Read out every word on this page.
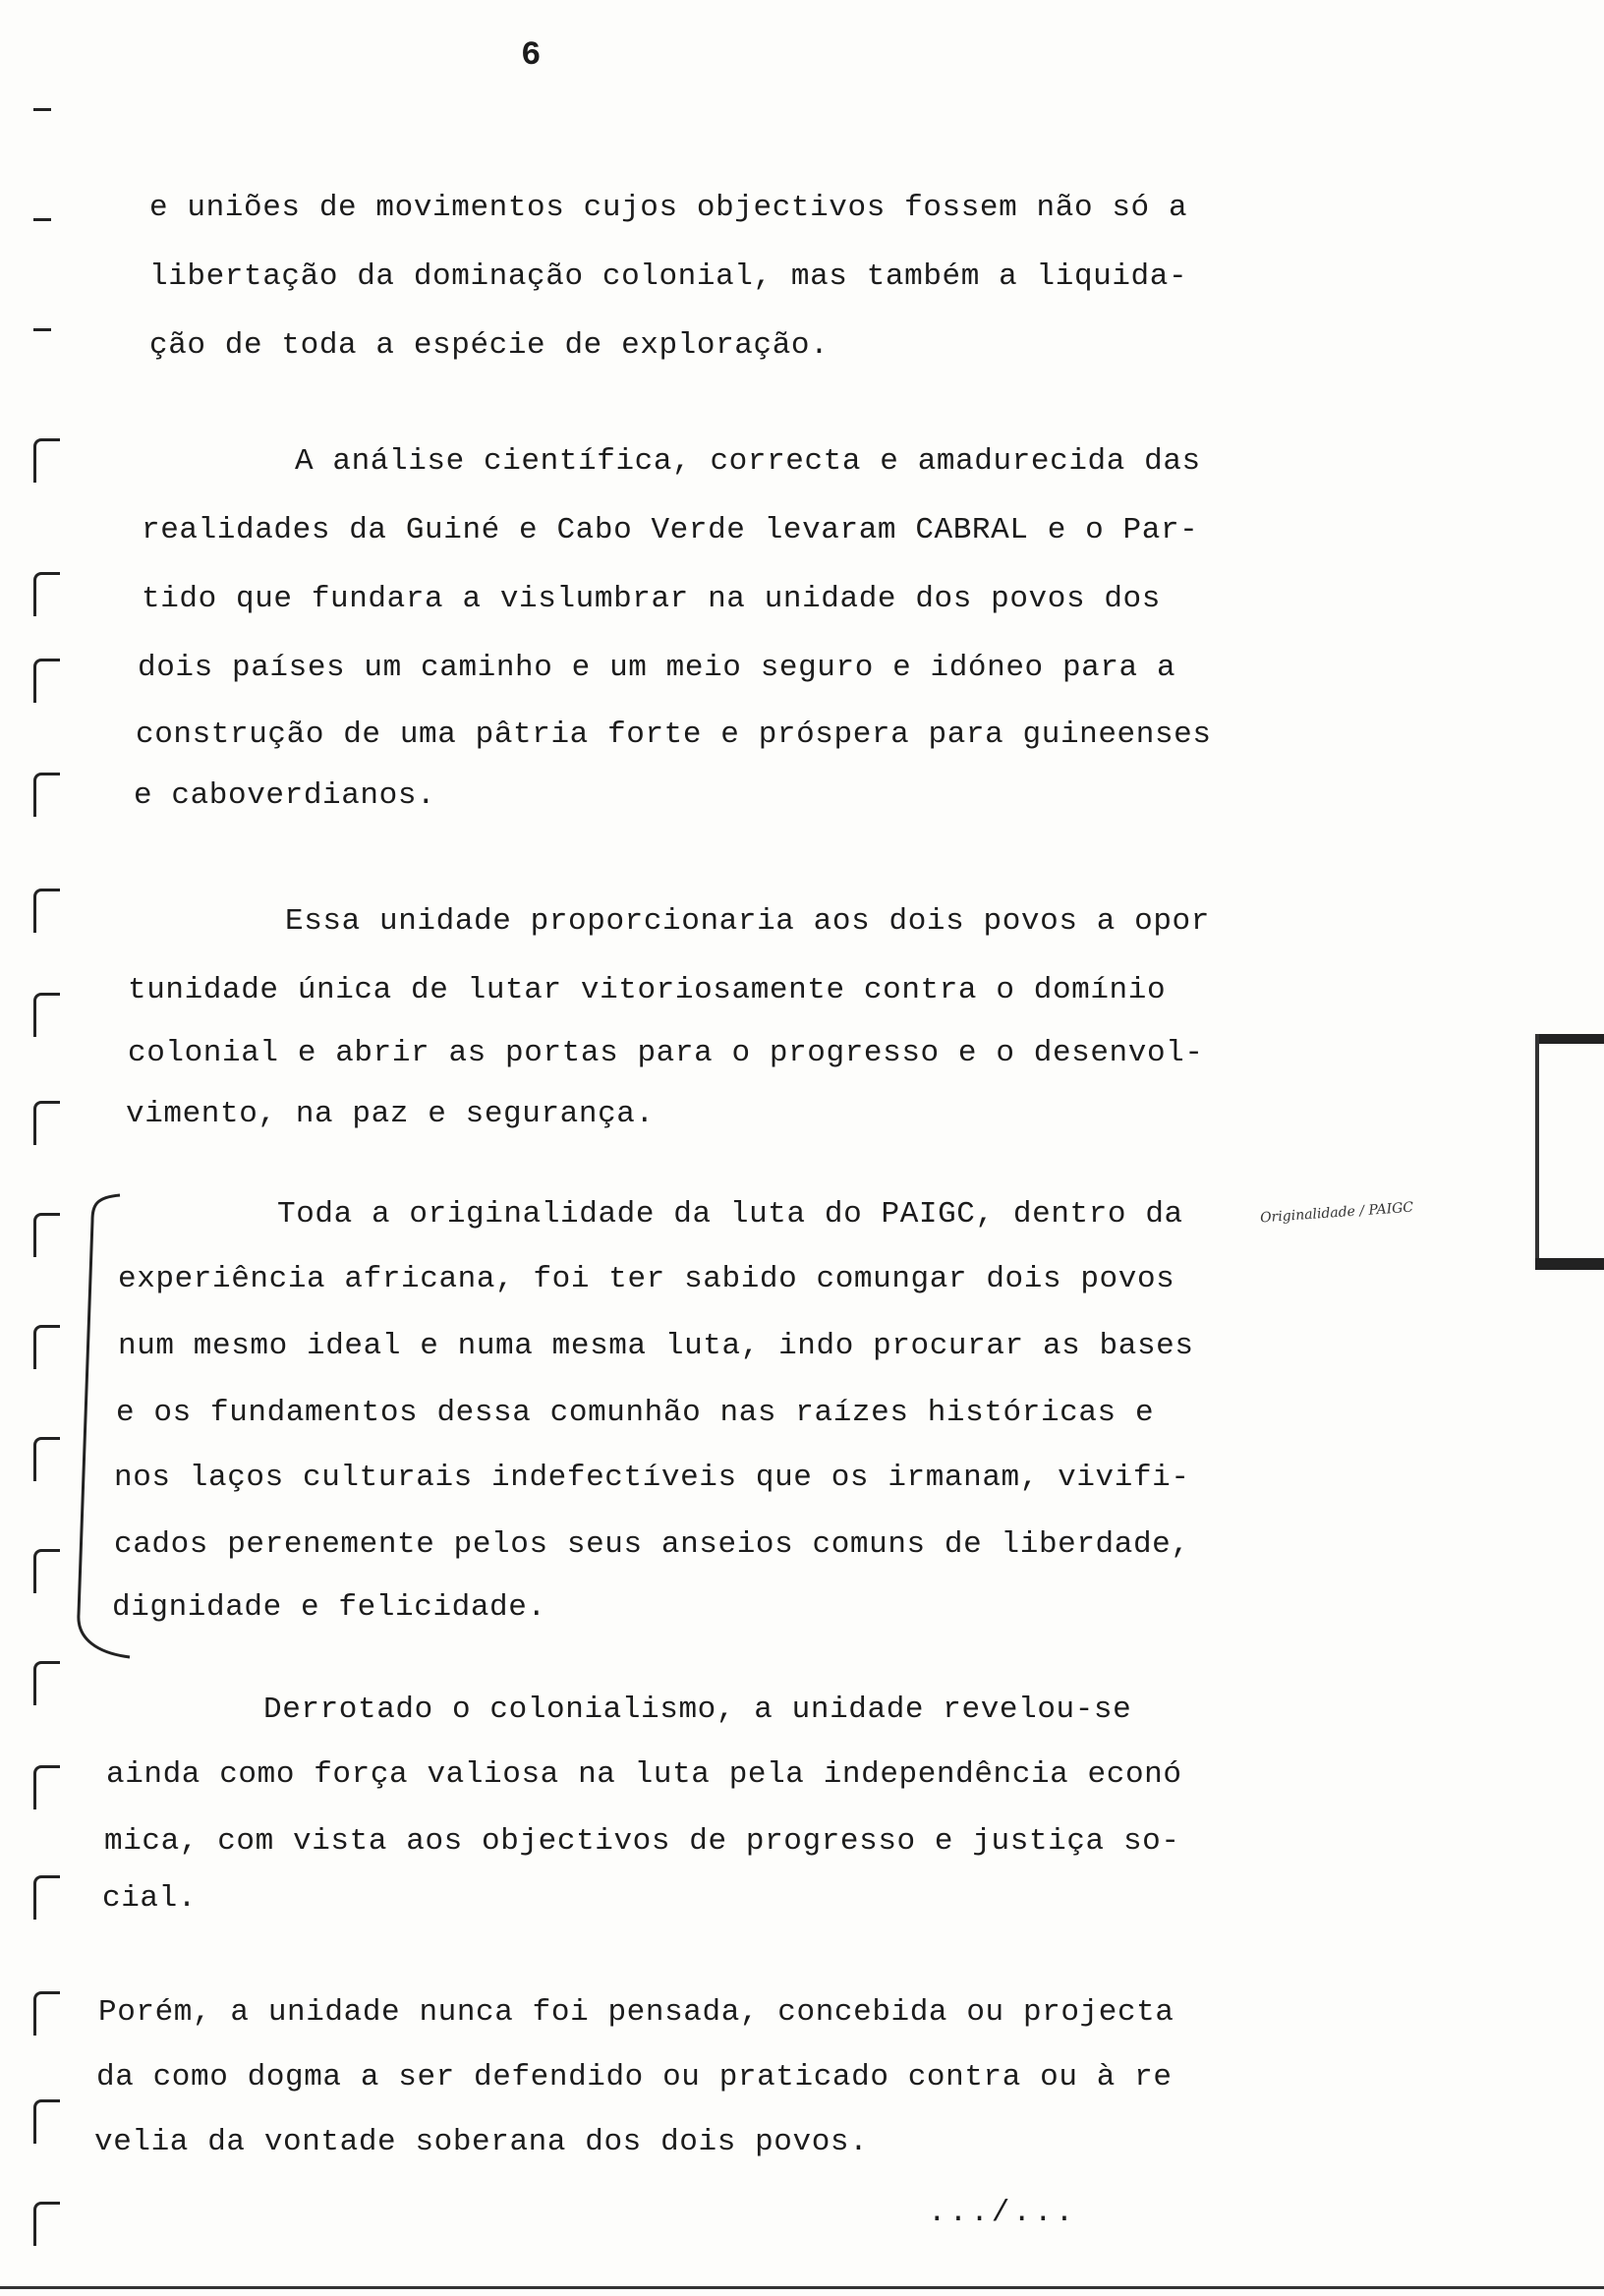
6
e uniões de movimentos cujos objectivos fossem não só a
libertação da dominação colonial, mas também a liquida-
ção de toda a espécie de exploração.
A análise científica, correcta e amadurecida das
realidades da Guiné e Cabo Verde levaram CABRAL e o Par-
tido que fundara a vislumbrar na unidade dos povos dos
dois países um caminho e um meio seguro e idóneo para a
construção de uma pâtria forte e próspera para guineenses
e caboverdianos.
Essa unidade proporcionaria aos dois povos a opor
tunidade única de lutar vitoriosamente contra o domínio
colonial e abrir as portas para o progresso e o desenvol-
vimento, na paz e segurança.
Toda a originalidade da luta do PAIGC, dentro da
experiência africana, foi ter sabido comungar dois povos
num mesmo ideal e numa mesma luta, indo procurar as bases
e os fundamentos dessa comunhão nas raízes históricas e
nos laços culturais indefectíveis que os irmanam, vivifi-
cados perenemente pelos seus anseios comuns de liberdade,
dignidade e felicidade.
Originalidade / PAIGC
Derrotado o colonialismo, a unidade revelou-se
ainda como força valiosa na luta pela independência econó
mica, com vista aos objectivos de progresso e justiça so-
cial.
Porém, a unidade nunca foi pensada, concebida ou projecta
da como dogma a ser defendido ou praticado contra ou à re
velia da vontade soberana dos dois povos.
.../...
